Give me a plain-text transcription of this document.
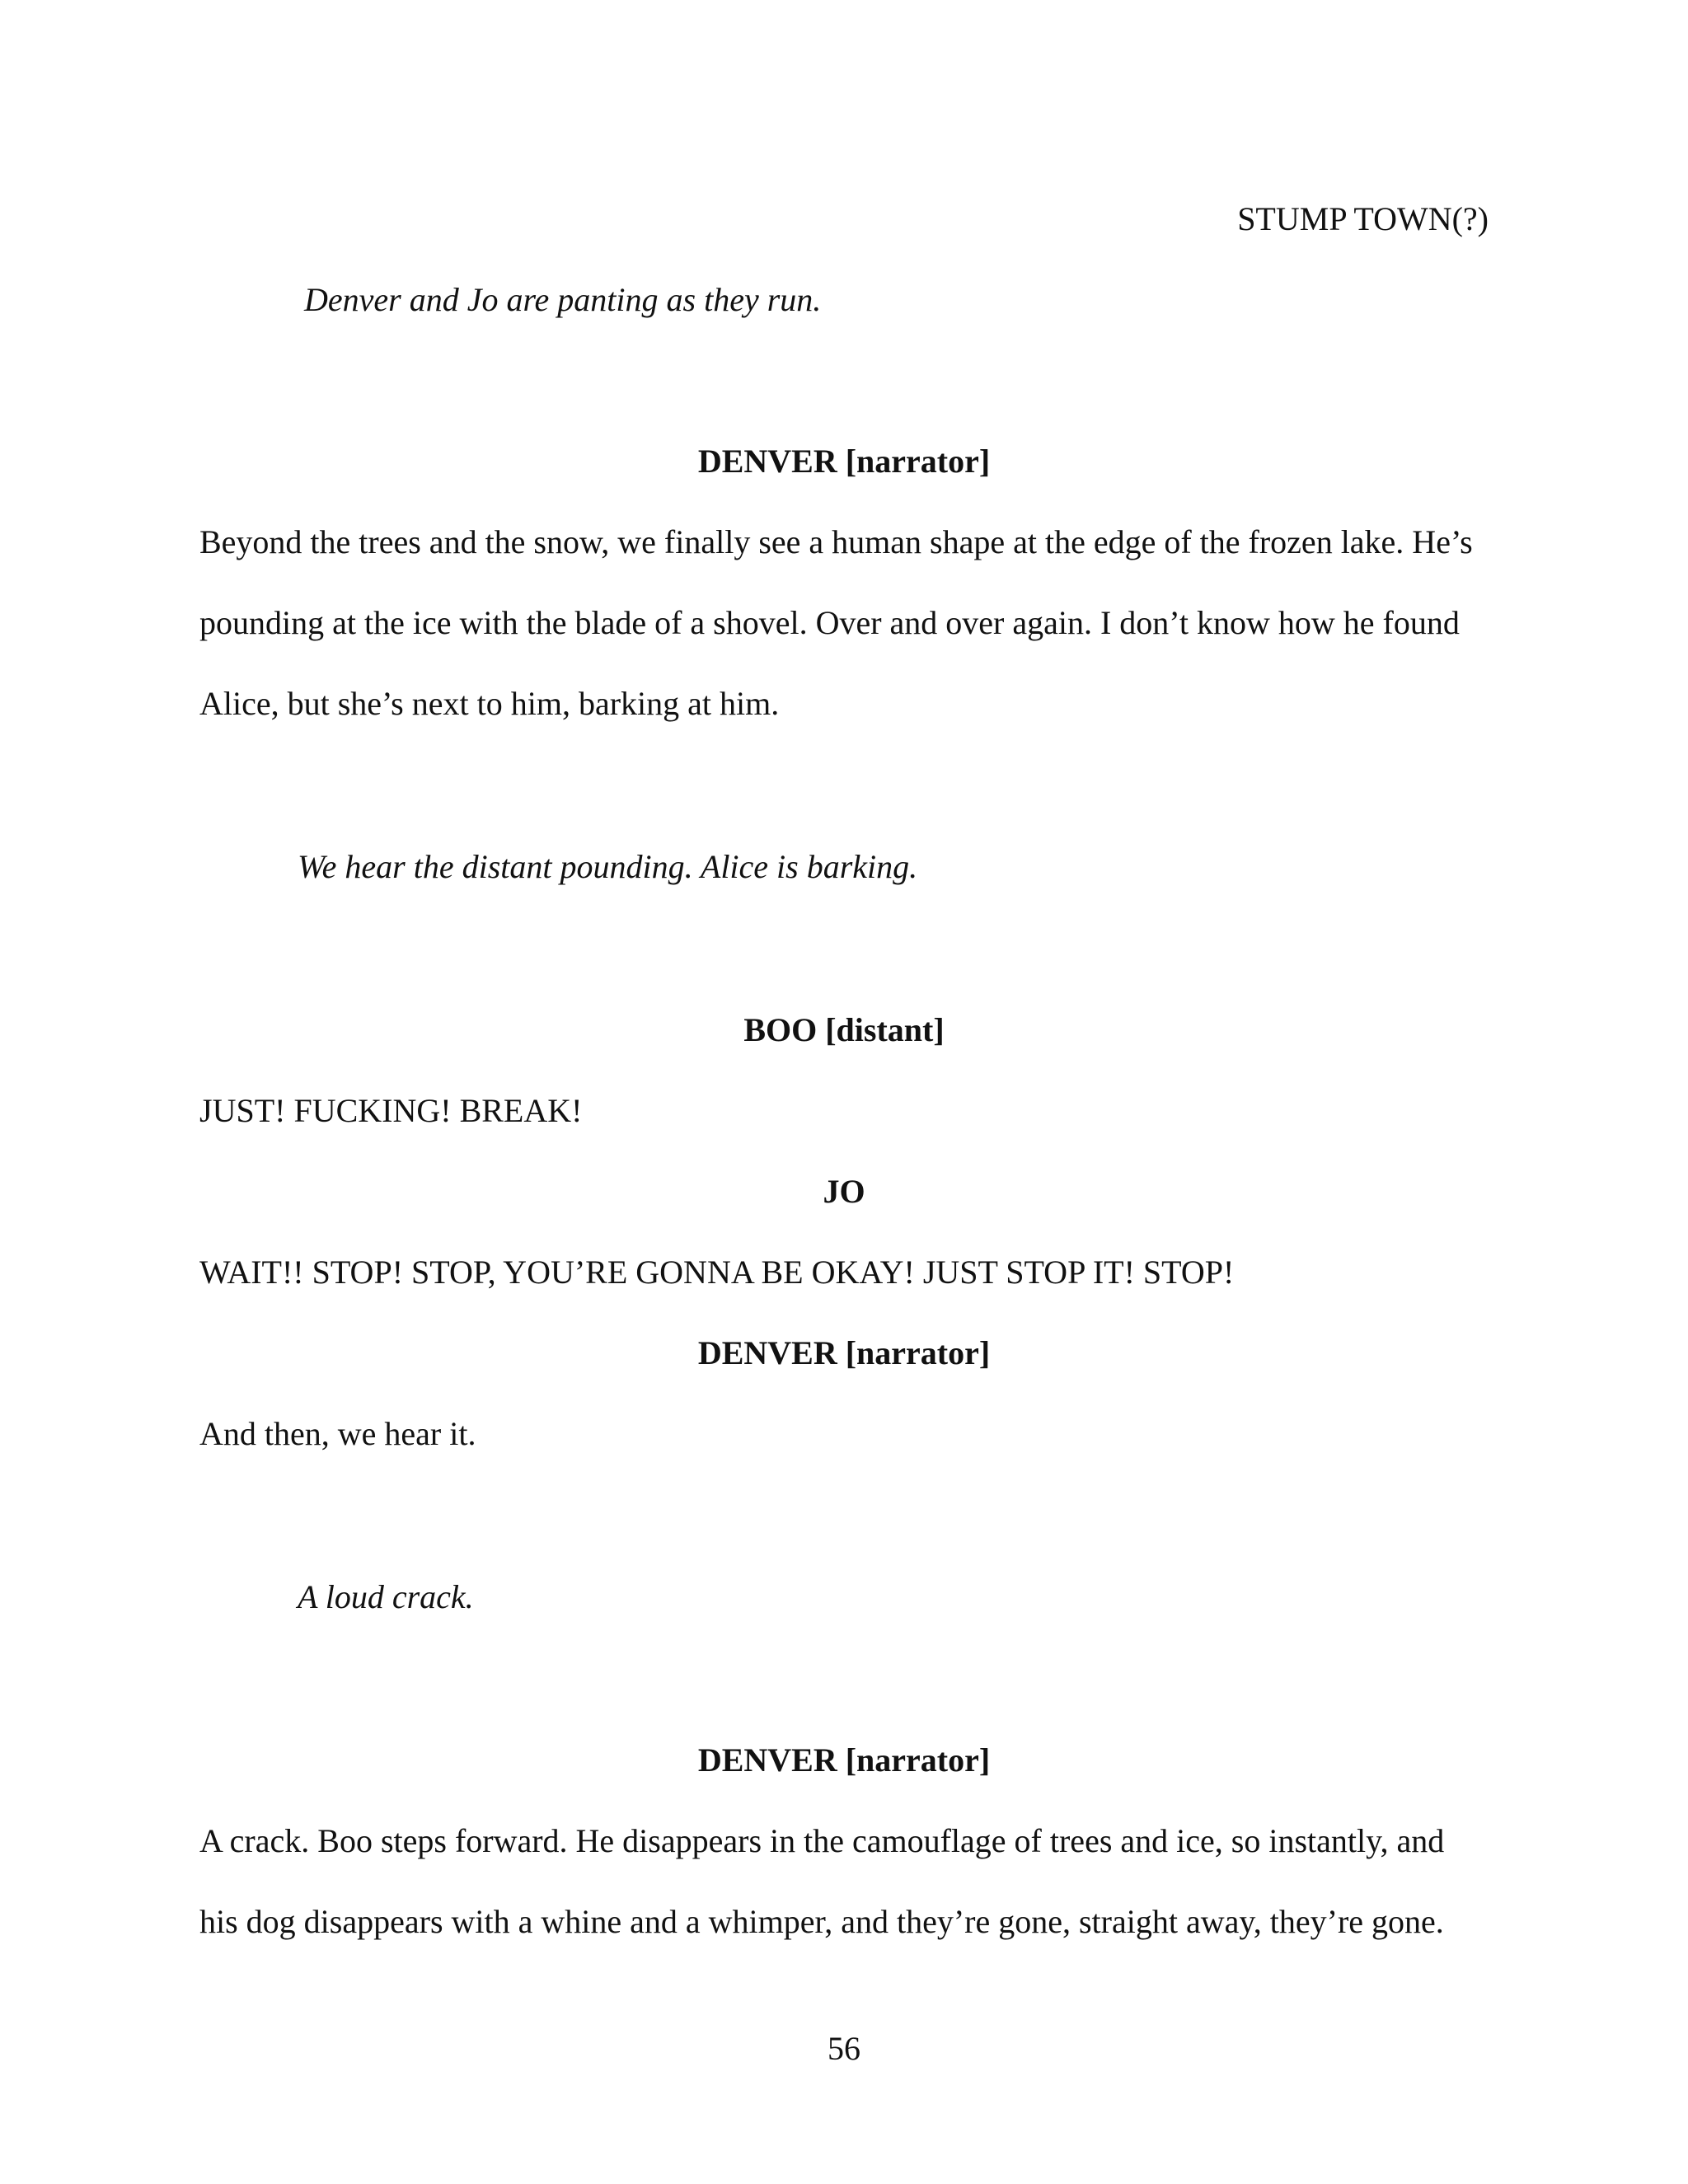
STUMP TOWN(?)
Denver and Jo are panting as they run.
DENVER [narrator]
Beyond the trees and the snow, we finally see a human shape at the edge of the frozen lake. He’s
pounding at the ice with the blade of a shovel. Over and over again. I don’t know how he found
Alice, but she’s next to him, barking at him.
We hear the distant pounding. Alice is barking.
BOO [distant]
JUST! FUCKING! BREAK!
JO
WAIT!! STOP! STOP, YOU’RE GONNA BE OKAY! JUST STOP IT! STOP!
DENVER [narrator]
And then, we hear it.
A loud crack.
DENVER [narrator]
A crack. Boo steps forward. He disappears in the camouflage of trees and ice, so instantly, and
his dog disappears with a whine and a whimper, and they’re gone, straight away, they’re gone.
56
